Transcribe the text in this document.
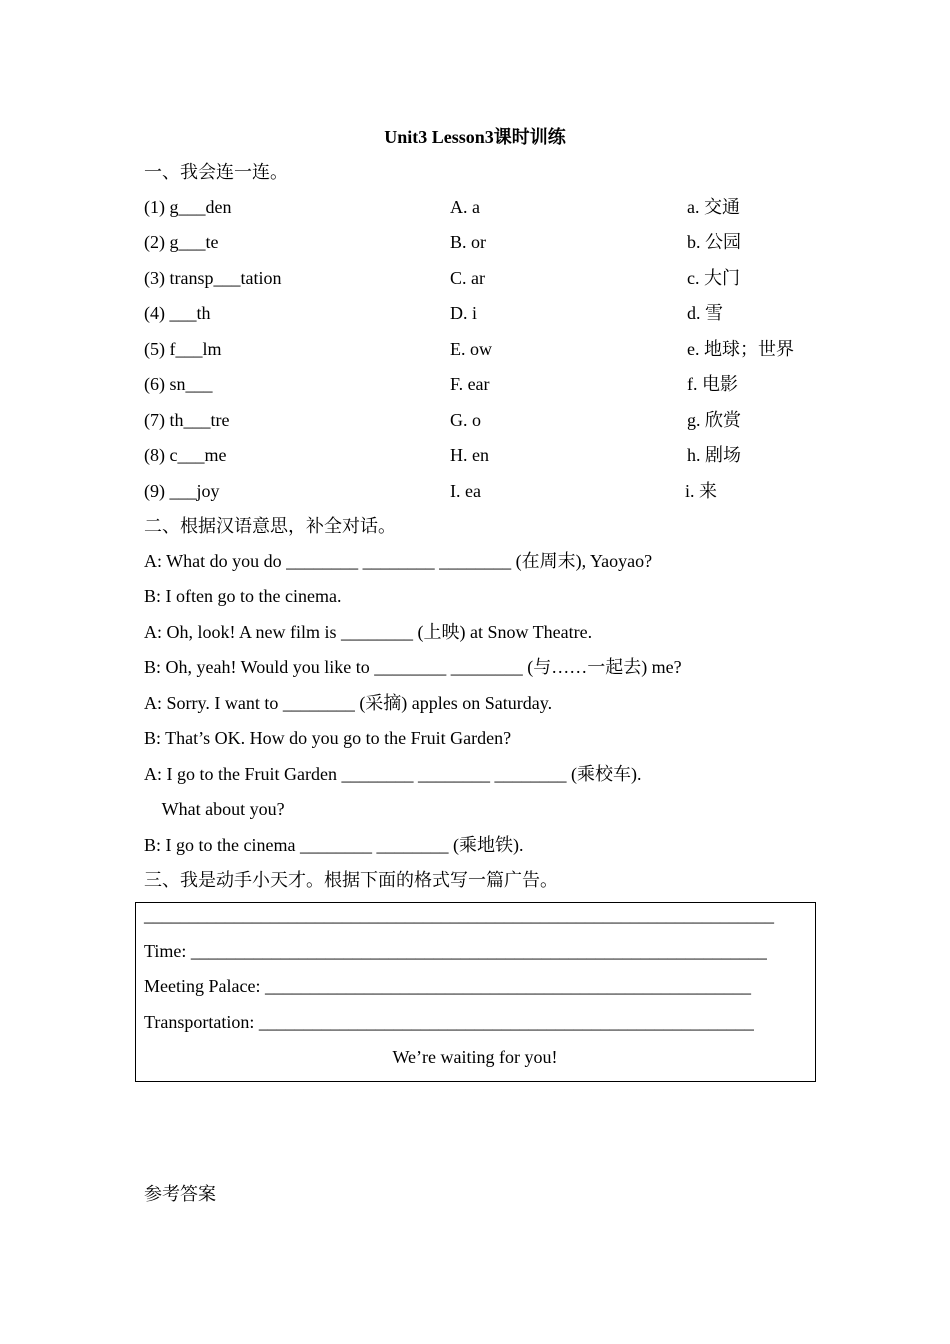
Unit3 Lesson3课时训练
一、我会连一连。
(1) g___den	A. a	a. 交通
(2) g___te	B. or	b. 公园
(3) transp___tation	C. ar	c. 大门
(4) ___th	D. i	d. 雪
(5) f___lm	E. ow	e. 地球；世界
(6) sn___	F. ear	f. 电影
(7) th___tre	G. o	g. 欣赏
(8) c___me	H. en	h. 剧场
(9) ___joy	I. ea	i. 来
二、根据汉语意思，补全对话。
A: What do you do ________ ________ ________ (在周末), Yaoyao?
B: I often go to the cinema.
A: Oh, look! A new film is ________ (上映) at Snow Theatre.
B: Oh, yeah! Would you like to ________ ________ (与……一起去) me?
A: Sorry. I want to ________ (采摘) apples on Saturday.
B: That’s OK. How do you go to the Fruit Garden?
A: I go to the Fruit Garden ________ ________ ________ (乘校车).
What about you?
B: I go to the cinema ________ ________ (乘地铁).
三、我是动手小天才。根据下面的格式写一篇广告。
______________________________________________________________________
Time: ________________________________________________________________
Meeting Palace: ______________________________________________________
Transportation: _______________________________________________________
We’re waiting for you!
参考答案
